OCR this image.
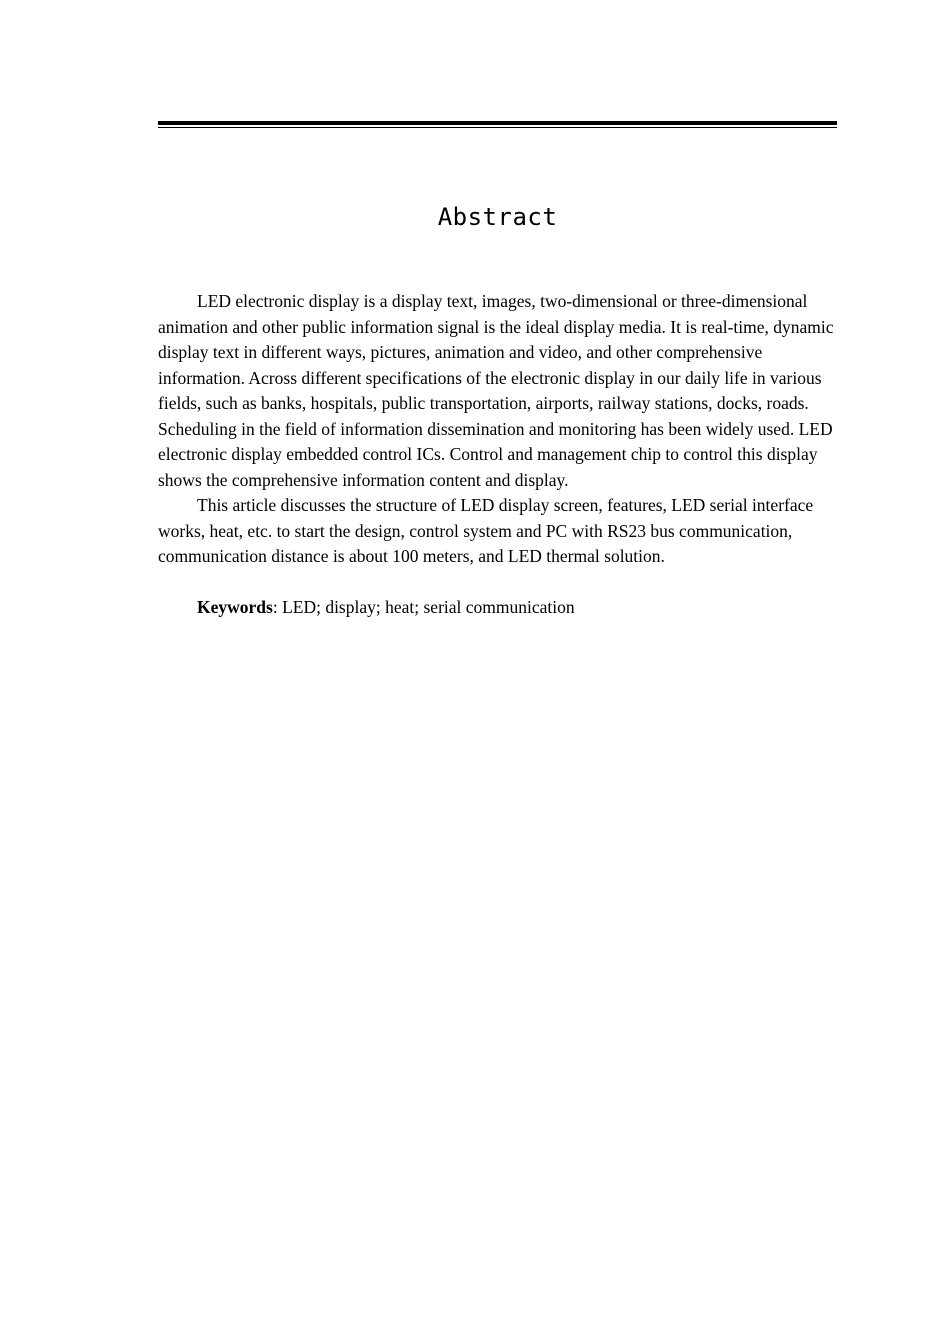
Abstract

LED electronic display is a display text, images, two-dimensional or three-dimensional animation and other public information signal is the ideal display media. It is real-time, dynamic display text in different ways, pictures, animation and video, and other comprehensive information. Across different specifications of the electronic display in our daily life in various fields, such as banks, hospitals, public transportation, airports, railway stations, docks, roads. Scheduling in the field of information dissemination and monitoring has been widely used. LED electronic display embedded control ICs. Control and management chip to control this display shows the comprehensive information content and display.

This article discusses the structure of LED display screen, features, LED serial interface works, heat, etc. to start the design, control system and PC with RS23 bus communication, communication distance is about 100 meters, and LED thermal solution.

Keywords: LED; display; heat; serial communication
